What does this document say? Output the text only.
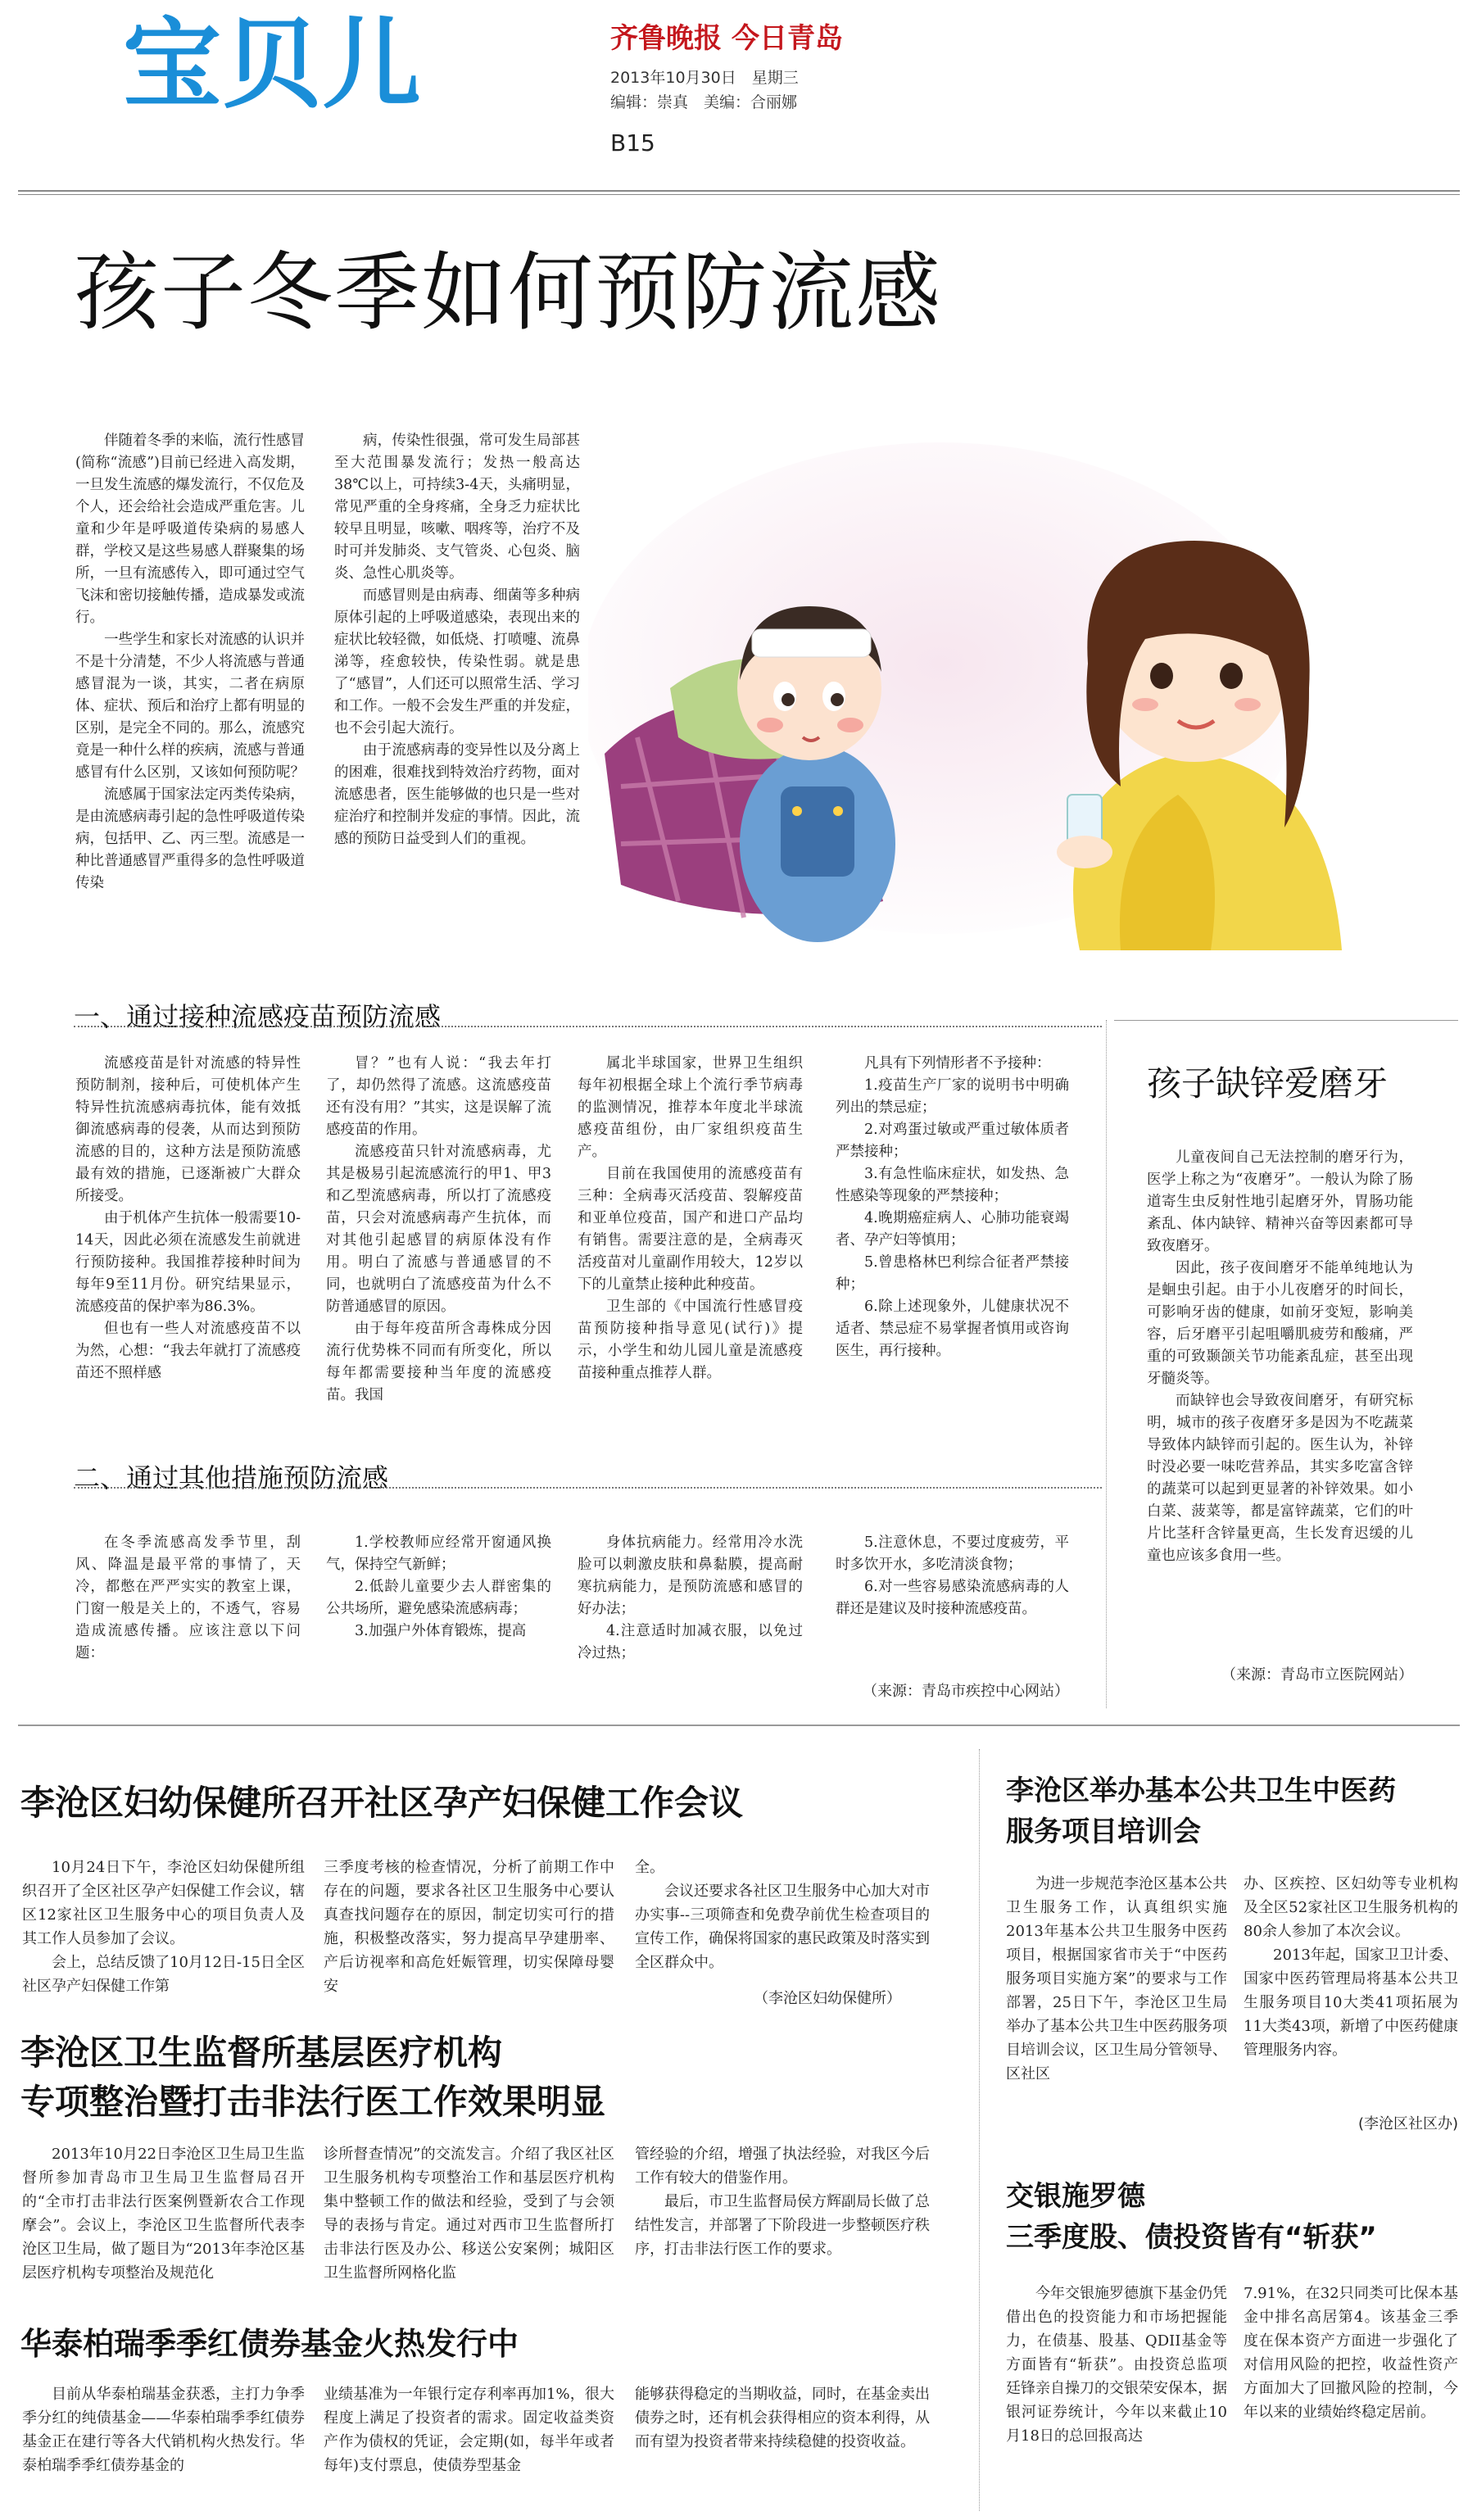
宝贝儿	齐鲁晚报 今日青岛
2013年10月30日　星期三
编辑：崇真　美编：合丽娜
B15
孩子冬季如何预防流感

伴随着冬季的来临，流行性感冒(简称“流感”)目前已经进入高发期，一旦发生流感的爆发流行，不仅危及个人，还会给社会造成严重危害。儿童和少年是呼吸道传染病的易感人群，学校又是这些易感人群聚集的场所，一旦有流感传入，即可通过空气飞沫和密切接触传播，造成暴发或流行。

一些学生和家长对流感的认识并不是十分清楚，不少人将流感与普通感冒混为一谈，其实，二者在病原体、症状、预后和治疗上都有明显的区别，是完全不同的。那么，流感究竟是一种什么样的疾病，流感与普通感冒有什么区别，又该如何预防呢？

流感属于国家法定丙类传染病，是由流感病毒引起的急性呼吸道传染病，包括甲、乙、丙三型。流感是一种比普通感冒严重得多的急性呼吸道传染

病，传染性很强，常可发生局部甚至大范围暴发流行；发热一般高达38℃以上，可持续3-4天，头痛明显，常见严重的全身疼痛，全身乏力症状比较早且明显，咳嗽、咽疼等，治疗不及时可并发肺炎、支气管炎、心包炎、脑炎、急性心肌炎等。

而感冒则是由病毒、细菌等多种病原体引起的上呼吸道感染，表现出来的症状比较轻微，如低烧、打喷嚏、流鼻涕等，痊愈较快，传染性弱。就是患了“感冒”，人们还可以照常生活、学习和工作。一般不会发生严重的并发症，也不会引起大流行。

由于流感病毒的变异性以及分离上的困难，很难找到特效治疗药物，面对流感患者，医生能够做的也只是一些对症治疗和控制并发症的事情。因此，流感的预防日益受到人们的重视。

一、通过接种流感疫苗预防流感

流感疫苗是针对流感的特异性预防制剂，接种后，可使机体产生特异性抗流感病毒抗体，能有效抵御流感病毒的侵袭，从而达到预防流感的目的，这种方法是预防流感最有效的措施，已逐渐被广大群众所接受。

由于机体产生抗体一般需要10-14天，因此必须在流感发生前就进行预防接种。我国推荐接种时间为每年9至11月份。研究结果显示，流感疫苗的保护率为86.3%。

但也有一些人对流感疫苗不以为然，心想：“我去年就打了流感疫苗还不照样感

冒？”也有人说：“我去年打了，却仍然得了流感。这流感疫苗还有没有用？”其实，这是误解了流感疫苗的作用。

流感疫苗只针对流感病毒，尤其是极易引起流感流行的甲1、甲3和乙型流感病毒，所以打了流感疫苗，只会对流感病毒产生抗体，而对其他引起感冒的病原体没有作用。明白了流感与普通感冒的不同，也就明白了流感疫苗为什么不防普通感冒的原因。

由于每年疫苗所含毒株成分因流行优势株不同而有所变化，所以每年都需要接种当年度的流感疫苗。我国

属北半球国家，世界卫生组织每年初根据全球上个流行季节病毒的监测情况，推荐本年度北半球流感疫苗组份，由厂家组织疫苗生产。

目前在我国使用的流感疫苗有三种：全病毒灭活疫苗、裂解疫苗和亚单位疫苗，国产和进口产品均有销售。需要注意的是，全病毒灭活疫苗对儿童副作用较大，12岁以下的儿童禁止接种此种疫苗。

卫生部的《中国流行性感冒疫苗预防接种指导意见(试行)》提示，小学生和幼儿园儿童是流感疫苗接种重点推荐人群。

凡具有下列情形者不予接种：

1.疫苗生产厂家的说明书中明确列出的禁忌症；

2.对鸡蛋过敏或严重过敏体质者严禁接种；

3.有急性临床症状，如发热、急性感染等现象的严禁接种；

4.晚期癌症病人、心肺功能衰竭者、孕产妇等慎用；

5.曾患格林巴利综合征者严禁接种；

6.除上述现象外，儿健康状况不适者、禁忌症不易掌握者慎用或咨询医生，再行接种。

二、通过其他措施预防流感

在冬季流感高发季节里，刮风、降温是最平常的事情了，天冷，都憋在严严实实的教室上课，门窗一般是关上的，不透气，容易造成流感传播。应该注意以下问题：

1.学校教师应经常开窗通风换气，保持空气新鲜；

2.低龄儿童要少去人群密集的公共场所，避免感染流感病毒；

3.加强户外体育锻炼，提高

身体抗病能力。经常用冷水洗脸可以刺激皮肤和鼻黏膜，提高耐寒抗病能力，是预防流感和感冒的好办法；

4.注意适时加减衣服，以免过冷过热；

5.注意休息，不要过度疲劳，平时多饮开水，多吃清淡食物；

6.对一些容易感染流感病毒的人群还是建议及时接种流感疫苗。

（来源：青岛市疾控中心网站）
孩子缺锌爱磨牙

儿童夜间自己无法控制的磨牙行为，医学上称之为“夜磨牙”。一般认为除了肠道寄生虫反射性地引起磨牙外，胃肠功能紊乱、体内缺锌、精神兴奋等因素都可导致夜磨牙。

因此，孩子夜间磨牙不能单纯地认为是蛔虫引起。由于小儿夜磨牙的时间长，可影响牙齿的健康，如前牙变短，影响美容，后牙磨平引起咀嚼肌疲劳和酸痛，严重的可致颞颌关节功能紊乱症，甚至出现牙髓炎等。

而缺锌也会导致夜间磨牙，有研究标明，城市的孩子夜磨牙多是因为不吃蔬菜导致体内缺锌而引起的。医生认为，补锌时没必要一味吃营养品，其实多吃富含锌的蔬菜可以起到更显著的补锌效果。如小白菜、菠菜等，都是富锌蔬菜，它们的叶片比茎秆含锌量更高，生长发育迟缓的儿童也应该多食用一些。

（来源：青岛市立医院网站）
李沧区妇幼保健所召开社区孕产妇保健工作会议

10月24日下午，李沧区妇幼保健所组织召开了全区社区孕产妇保健工作会议，辖区12家社区卫生服务中心的项目负责人及其工作人员参加了会议。

会上，总结反馈了10月12日-15日全区社区孕产妇保健工作第

三季度考核的检查情况，分析了前期工作中存在的问题，要求各社区卫生服务中心要认真查找问题存在的原因，制定切实可行的措施，积极整改落实，努力提高早孕建册率、产后访视率和高危妊娠管理，切实保障母婴安

全。

会议还要求各社区卫生服务中心加大对市办实事--三项筛查和免费孕前优生检查项目的宣传工作，确保将国家的惠民政策及时落实到全区群众中。

（李沧区妇幼保健所）
李沧区卫生监督所基层医疗机构
专项整治暨打击非法行医工作效果明显

2013年10月22日李沧区卫生局卫生监督所参加青岛市卫生局卫生监督局召开的“全市打击非法行医案例暨新农合工作现摩会”。会议上，李沧区卫生监督所代表李沧区卫生局，做了题目为“2013年李沧区基层医疗机构专项整治及规范化

诊所督查情况”的交流发言。介绍了我区社区卫生服务机构专项整治工作和基层医疗机构集中整顿工作的做法和经验，受到了与会领导的表扬与肯定。通过对西市卫生监督所打击非法行医及办公、移送公安案例；城阳区卫生监督所网格化监

管经验的介绍，增强了执法经验，对我区今后工作有较大的借鉴作用。

最后，市卫生监督局侯方辉副局长做了总结性发言，并部署了下阶段进一步整顿医疗秩序，打击非法行医工作的要求。

华泰柏瑞季季红债券基金火热发行中

目前从华泰柏瑞基金获悉，主打力争季季分红的纯债基金——华泰柏瑞季季红债券基金正在建行等各大代销机构火热发行。华泰柏瑞季季红债券基金的

业绩基准为一年银行定存利率再加1%，很大程度上满足了投资者的需求。固定收益类资产作为债权的凭证，会定期(如，每半年或者每年)支付票息，使债券型基金

能够获得稳定的当期收益，同时，在基金卖出债券之时，还有机会获得相应的资本利得，从而有望为投资者带来持续稳健的投资收益。

李沧区举办基本公共卫生中医药
服务项目培训会

为进一步规范李沧区基本公共卫生服务工作，认真组织实施2013年基本公共卫生服务中医药项目，根据国家省市关于“中医药服务项目实施方案”的要求与工作部署，25日下午，李沧区卫生局举办了基本公共卫生中医药服务项目培训会议，区卫生局分管领导、区社区

办、区疾控、区妇幼等专业机构及全区52家社区卫生服务机构的80余人参加了本次会议。

2013年起，国家卫卫计委、国家中医药管理局将基本公共卫生服务项目10大类41项拓展为11大类43项，新增了中医药健康管理服务内容。

(李沧区社区办)
交银施罗德
三季度股、债投资皆有“斩获”

今年交银施罗德旗下基金仍凭借出色的投资能力和市场把握能力，在债基、股基、QDII基金等方面皆有“斩获”。由投资总监项廷锋亲自操刀的交银荣安保本，据银河证券统计，今年以来截止10月18日的总回报高达

7.91%，在32只同类可比保本基金中排名高居第4。该基金三季度在保本资产方面进一步强化了对信用风险的把控，收益性资产方面加大了回撤风险的控制，今年以来的业绩始终稳定居前。
